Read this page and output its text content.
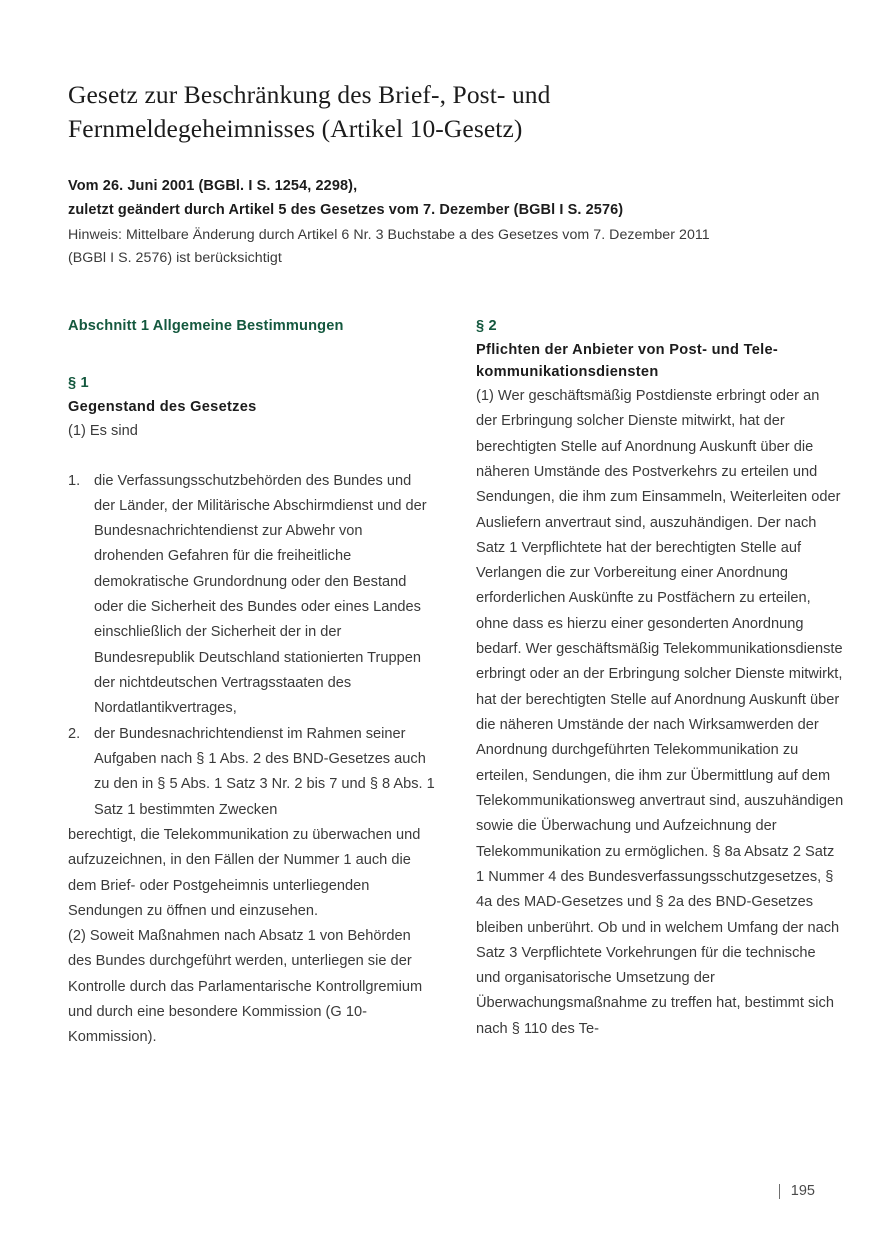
Gesetz zur Beschränkung des Brief-, Post- und
Fernmeldegeheimnisses (Artikel 10-Gesetz)
Vom 26. Juni 2001 (BGBl. I S. 1254, 2298),
zuletzt geändert durch Artikel 5 des Gesetzes vom 7. Dezember (BGBl I S. 2576)
Hinweis: Mittelbare Änderung durch Artikel 6 Nr. 3 Buchstabe a des Gesetzes vom 7. Dezember 2011
(BGBl I S. 2576) ist berücksichtigt
Abschnitt 1 Allgemeine Bestimmungen
§ 1
Gegenstand des Gesetzes

(1) Es sind

1. die Verfassungsschutzbehörden des Bundes und der Länder, der Militärische Abschirmdienst und der Bundesnachrichtendienst zur Abwehr von drohenden Gefahren für die freiheitliche demokratische Grundordnung oder den Bestand oder die Sicherheit des Bundes oder eines Landes einschließlich der Sicherheit der in der Bundesrepublik Deutschland stationierten Truppen der nichtdeutschen Vertragsstaaten des Nordatlantikvertrages,
2. der Bundesnachrichtendienst im Rahmen seiner Aufgaben nach § 1 Abs. 2 des BND-Gesetzes auch zu den in § 5 Abs. 1 Satz 3 Nr. 2 bis 7 und § 8 Abs. 1 Satz 1 bestimmten Zwecken

berechtigt, die Telekommunikation zu überwachen und aufzuzeichnen, in den Fällen der Nummer 1 auch die dem Brief- oder Postgeheimnis unterliegenden Sendungen zu öffnen und einzusehen.

(2) Soweit Maßnahmen nach Absatz 1 von Behörden des Bundes durchgeführt werden, unterliegen sie der Kontrolle durch das Parlamentarische Kontrollgremium und durch eine besondere Kommission (G 10-Kommission).

§ 2
Pflichten der Anbieter von Post- und Tele-
kommunikationsdiensten

(1) Wer geschäftsmäßig Postdienste erbringt oder an der Erbringung solcher Dienste mitwirkt, hat der berechtigten Stelle auf Anordnung Auskunft über die näheren Umstände des Postverkehrs zu erteilen und Sendungen, die ihm zum Einsammeln, Weiterleiten oder Ausliefern anvertraut sind, auszuhändigen. Der nach Satz 1 Verpflichtete hat der berechtigten Stelle auf Verlangen die zur Vorbereitung einer Anordnung erforderlichen Auskünfte zu Postfächern zu erteilen, ohne dass es hierzu einer gesonderten Anordnung bedarf. Wer geschäftsmäßig Telekommunikationsdienste erbringt oder an der Erbringung solcher Dienste mitwirkt, hat der berechtigten Stelle auf Anordnung Auskunft über die näheren Umstände der nach Wirksamwerden der Anordnung durchgeführten Telekommunikation zu erteilen, Sendungen, die ihm zur Übermittlung auf dem Telekommunikationsweg anvertraut sind, auszuhändigen sowie die Überwachung und Aufzeichnung der Telekommunikation zu ermöglichen. § 8a Absatz 2 Satz 1 Nummer 4 des Bundesverfassungsschutzgesetzes, § 4a des MAD-Gesetzes und § 2a des BND-Gesetzes bleiben unberührt. Ob und in welchem Umfang der nach Satz 3 Verpflichtete Vorkehrungen für die technische und organisatorische Umsetzung der Überwachungsmaßnahme zu treffen hat, bestimmt sich nach § 110 des Te-

195
